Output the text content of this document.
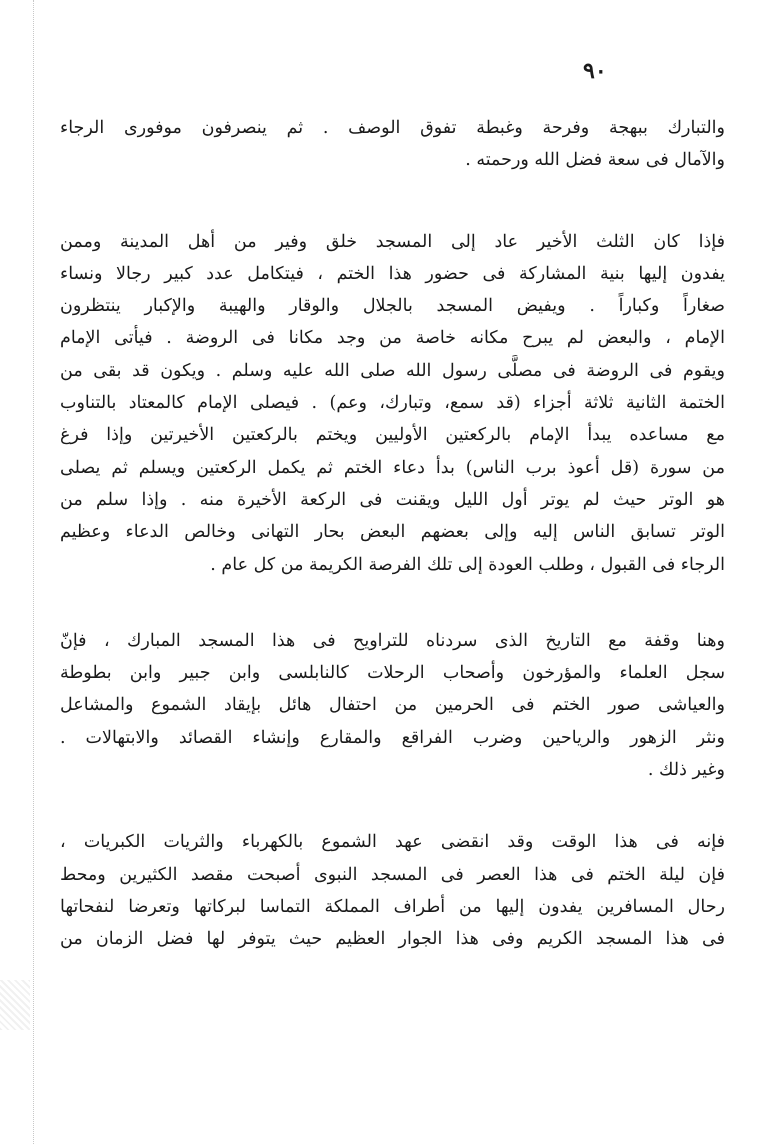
٩٠
والتبارك ببهجة وفرحة وغبطة تفوق الوصف . ثم ينصرفون موفورى الرجاء
والآمال فى سعة فضل الله ورحمته .
فإذا كان الثلث الأخير عاد إلى المسجد خلق وفير من أهل المدينة وممن
يفدون إليها بنية المشاركة فى حضور هذا الختم ، فيتكامل عدد كبير رجالا ونساء
صغاراً وكباراً . ويفيض المسجد بالجلال والوقار والهيبة والإكبار ينتظرون
الإمام ، والبعض لم يبرح مكانه خاصة من وجد مكانا فى الروضة . فيأتى الإمام
ويقوم فى الروضة فى مصلَّى رسول الله صلى الله عليه وسلم . ويكون قد بقى من
الختمة الثانية ثلاثة أجزاء (قد سمع، وتبارك، وعم) . فيصلى الإمام كالمعتاد بالتناوب
مع مساعده يبدأ الإمام بالركعتين الأوليين ويختم بالركعتين الأخيرتين وإذا فرغ
من سورة (قل أعوذ برب الناس) بدأ دعاء الختم ثم يكمل الركعتين ويسلم ثم يصلى
هو الوتر حيث لم يوتر أول الليل ويقنت فى الركعة الأخيرة منه . وإذا سلم من
الوتر تسابق الناس إليه وإلى بعضهم البعض بحار التهانى وخالص الدعاء وعظيم
الرجاء فى القبول ، وطلب العودة إلى تلك الفرصة الكريمة من كل عام .
وهنا وقفة مع التاريخ الذى سردناه للتراويح فى هذا المسجد المبارك ، فإنّ
سجل العلماء والمؤرخون وأصحاب الرحلات كالنابلسى وابن جبير وابن بطوطة
والعياشى صور الختم فى الحرمين من احتفال هائل بإيقاد الشموع والمشاعل
ونثر الزهور والرياحين وضرب الفراقع والمقارع وإنشاء القصائد والابتهالات .
وغير ذلك .
فإنه فى هذا الوقت وقد انقضى عهد الشموع بالكهرباء والثريات الكبريات ،
فإن ليلة الختم فى هذا العصر فى المسجد النبوى أصبحت مقصد الكثيرين ومحط
رحال المسافرين يفدون إليها من أطراف المملكة التماسا لبركاتها وتعرضا لنفحاتها
فى هذا المسجد الكريم وفى هذا الجوار العظيم حيث يتوفر لها فضل الزمان من
